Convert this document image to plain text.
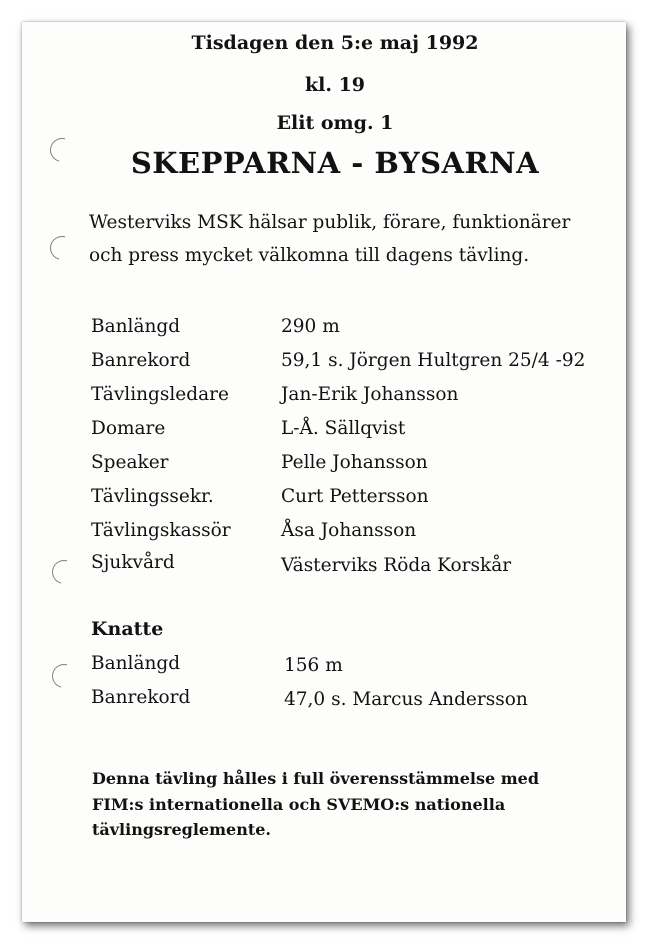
Tisdagen den 5:e maj 1992
kl. 19
Elit omg. 1
SKEPPARNA - BYSARNA
Westerviks MSK hälsar publik, förare, funktionärer
och press mycket välkomna till dagens tävling.
Banlängd	290 m
Banrekord	59,1 s. Jörgen Hultgren 25/4 -92
Tävlingsledare	Jan-Erik Johansson
Domare	L-Å. Sällqvist
Speaker	Pelle Johansson
Tävlingssekr.	Curt Pettersson
Tävlingskassör	Åsa Johansson
Sjukvård	Västerviks Röda Korskår
Knatte
Banlängd	156 m
Banrekord	47,0 s. Marcus Andersson
Denna tävling hålles i full överensstämmelse med
FIM:s internationella och SVEMO:s nationella
tävlingsreglemente.
